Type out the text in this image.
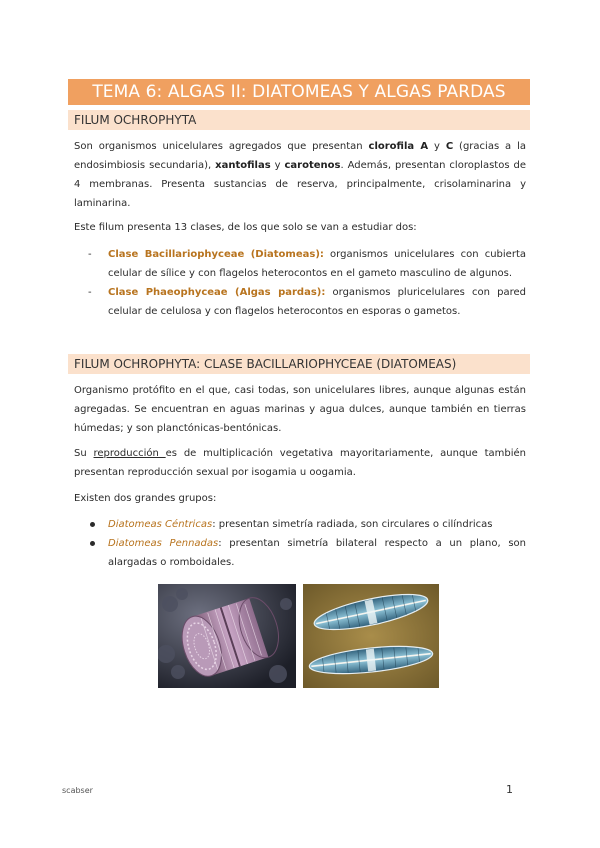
TEMA 6: ALGAS II: DIATOMEAS Y ALGAS PARDAS
FILUM OCHROPHYTA
Son organismos unicelulares agregados que presentan clorofila A y C (gracias a la endosimbiosis secundaria), xantofilas y carotenos. Además, presentan cloroplastos de 4 membranas. Presenta sustancias de reserva, principalmente, crisolaminarina y laminarina.
Este filum presenta 13 clases, de los que solo se van a estudiar dos:
- Clase Bacillariophyceae (Diatomeas): organismos unicelulares con cubierta celular de sílice y con flagelos heterocontos en el gameto masculino de algunos.
- Clase Phaeophyceae (Algas pardas): organismos pluricelulares con pared celular de celulosa y con flagelos heterocontos en esporas o gametos.
FILUM OCHROPHYTA: CLASE BACILLARIOPHYCEAE (DIATOMEAS)
Organismo protófito en el que, casi todas, son unicelulares libres, aunque algunas están agregadas. Se encuentran en aguas marinas y agua dulces, aunque también en tierras húmedas; y son planctónicas-bentónicas.
Su reproducción es de multiplicación vegetativa mayoritariamente, aunque también presentan reproducción sexual por isogamia u oogamia.
Existen dos grandes grupos:
Diatomeas Céntricas: presentan simetría radiada, son circulares o cilíndricas
Diatomeas Pennadas: presentan simetría bilateral respecto a un plano, son alargadas o romboidales.
scabser	1
